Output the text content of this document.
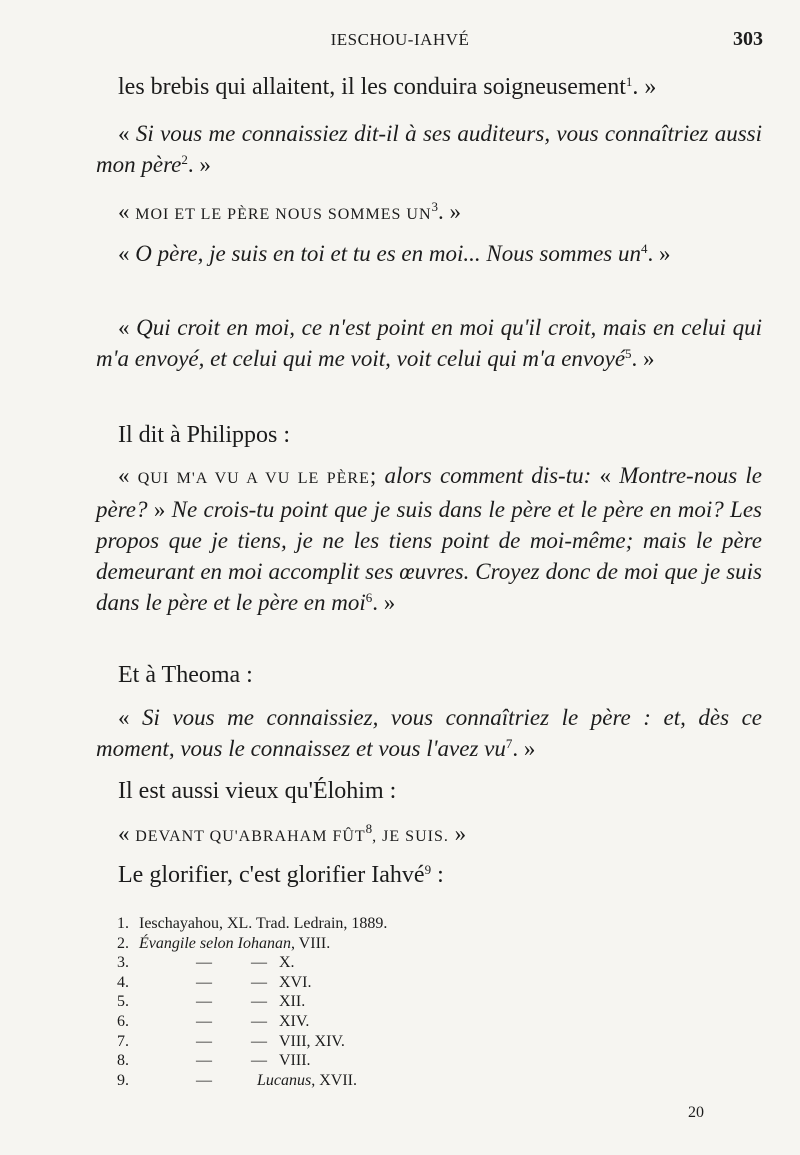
IESCHOU-IAHVÉ	303
les brebis qui allaitent, il les conduira soigneusement$^1$. »
« Si vous me connaissiez dit-il à ses auditeurs, vous connaîtriez aussi mon père$^2$. »
« MOI ET LE PÈRE NOUS SOMMES $UN^3$. »
« O père, je suis en toi et tu es en moi... Nous sommes $un^4$. »
« Qui croit en moi, ce n'est point en moi qu'il croit, mais en celui qui m'a envoyé, et celui qui me voit, voit celui qui m'a envoyé$^5$. »
Il dit à Philippos :
« QUI M'A VU A VU LE PÈRE; alors comment dis-tu: « Montre-nous le père? » Ne crois-tu point que je suis dans le père et le père en moi? Les propos que je tiens, je ne les tiens point de moi-même; mais le père demeurant en moi accomplit ses œuvres. Croyez donc de moi que je suis dans le père et le père en moi$^6$. »
Et à Theoma :
« Si vous me connaissiez, vous connaîtriez le père : et, dès ce moment, vous le connaissez et vous l'avez $vu^7$. »
Il est aussi vieux qu'Élohim :
« DEVANT QU'ABRAHAM FÛT$^8$, JE SUIS. »
Le glorifier, c'est glorifier Iahvé$^9$ :
1. Ieschayahou, XL. Trad. Ledrain, 1889.
2. Évangile selon Iohanan , VIII.
3.	—	— X.
4.	—	— XVI.
5.	—	— XII.
6.	—	— XIV.
7.	—	— VIII, XIV.
8.	—	— VIII.
9.	—	Lucanus , XVII.
20
